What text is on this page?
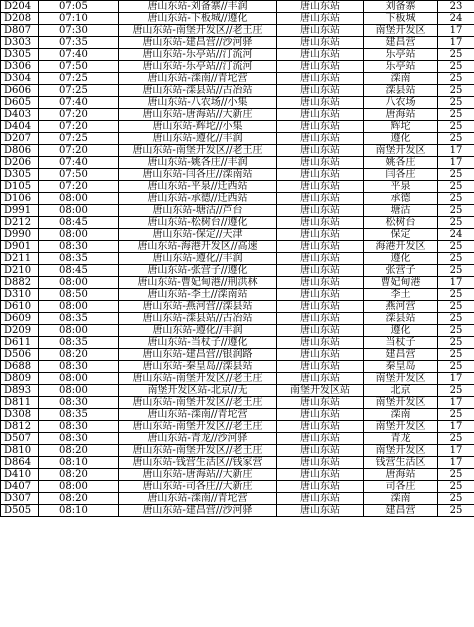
D204	07:05	唐山东站-刘备寨//丰润	唐山东站	刘备寨	23
D208	07:10	唐山东站-下板城//遵化	唐山东站	下板城	24
D807	07:30	唐山东站-南堡开发区//老王庄	唐山东站	南堡开发区	17
D303	07:35	唐山东站-建昌营//沙河驿	唐山东站	建昌营	17
D305	07:40	唐山东站-乐亭站//汀流河	唐山东站	乐亭站	25
D306	07:50	唐山东站-乐亭站//汀流河	唐山东站	乐亭站	25
D304	07:25	唐山东站-滦南//青坨营	唐山东站	滦南	25
D606	07:25	唐山东站-滦县站//古冶站	唐山东站	滦县站	25
D605	07:40	唐山东站-八农场//小集	唐山东站	八农场	25
D403	07:20	唐山东站-唐海站//大新庄	唐山东站	唐海站	25
D404	07:20	唐山东站-辉坨//小集	唐山东站	辉坨	25
D207	07:25	唐山东站-遵化//丰润	唐山东站	遵化	25
D806	07:20	唐山东站-南堡开发区//老王庄	唐山东站	南堡开发区	17
D206	07:40	唐山东站-姚各庄//丰润	唐山东站	姚各庄	17
D305	07:50	唐山东站-闫各庄//滦南站	唐山东站	闫各庄	25
D105	07:20	唐山东站-平泉//迁西站	唐山东站	平泉	25
D106	08:00	唐山东站-承德//迁西站	唐山东站	承德	25
D991	08:00	唐山东站-塘沽//芦台	唐山东站	塘沽	25
D212	08:45	唐山东站-松树台//遵化	唐山东站	松树台	25
D990	08:00	唐山东站-保定//天津	唐山东站	保定	24
D901	08:30	唐山东站-海港开发区//高速	唐山东站	海港开发区	25
D211	08:35	唐山东站-遵化//丰润	唐山东站	遵化	25
D210	08:45	唐山东站-张营子//遵化	唐山东站	张营子	25
D882	08:00	唐山东站-曹妃甸港//荆洪林	唐山东站	曹妃甸港	17
D310	08:50	唐山东站-李土//滦南站	唐山东站	李土	25
D610	08:00	唐山东站-燕河营//滦县站	唐山东站	燕河营	25
D609	08:35	唐山东站-滦县站//古冶站	唐山东站	滦县站	25
D209	08:00	唐山东站-遵化//丰润	唐山东站	遵化	25
D611	08:35	唐山东站-当杖子//遵化	唐山东站	当杖子	25
D506	08:20	唐山东站-建昌营//银润路	唐山东站	建昌营	25
D688	08:30	唐山东站-秦皇岛//滦县站	唐山东站	秦皇岛	25
D809	08:00	唐山东站-南堡开发区//老王庄	唐山东站	南堡开发区	17
D893	08:00	南堡开发区站-北京//无	南堡开发区站	北京	25
D811	08:30	唐山东站-南堡开发区//老王庄	唐山东站	南堡开发区	17
D308	08:35	唐山东站-滦南//青坨营	唐山东站	滦南	25
D812	08:30	唐山东站-南堡开发区//老王庄	唐山东站	南堡开发区	17
D507	08:30	唐山东站-青龙//沙河驿	唐山东站	青龙	25
D810	08:20	唐山东站-南堡开发区//老王庄	唐山东站	南堡开发区	17
D864	08:10	唐山东站-钱营生活区//钱家营	唐山东站	钱营生活区	17
D410	08:20	唐山东站-唐海站//大新庄	唐山东站	唐海站	25
D407	08:00	唐山东站-司各庄//大新庄	唐山东站	司各庄	25
D307	08:20	唐山东站-滦南//青坨营	唐山东站	滦南	25
D505	08:10	唐山东站-建昌营//沙河驿	唐山东站	建昌营	25
